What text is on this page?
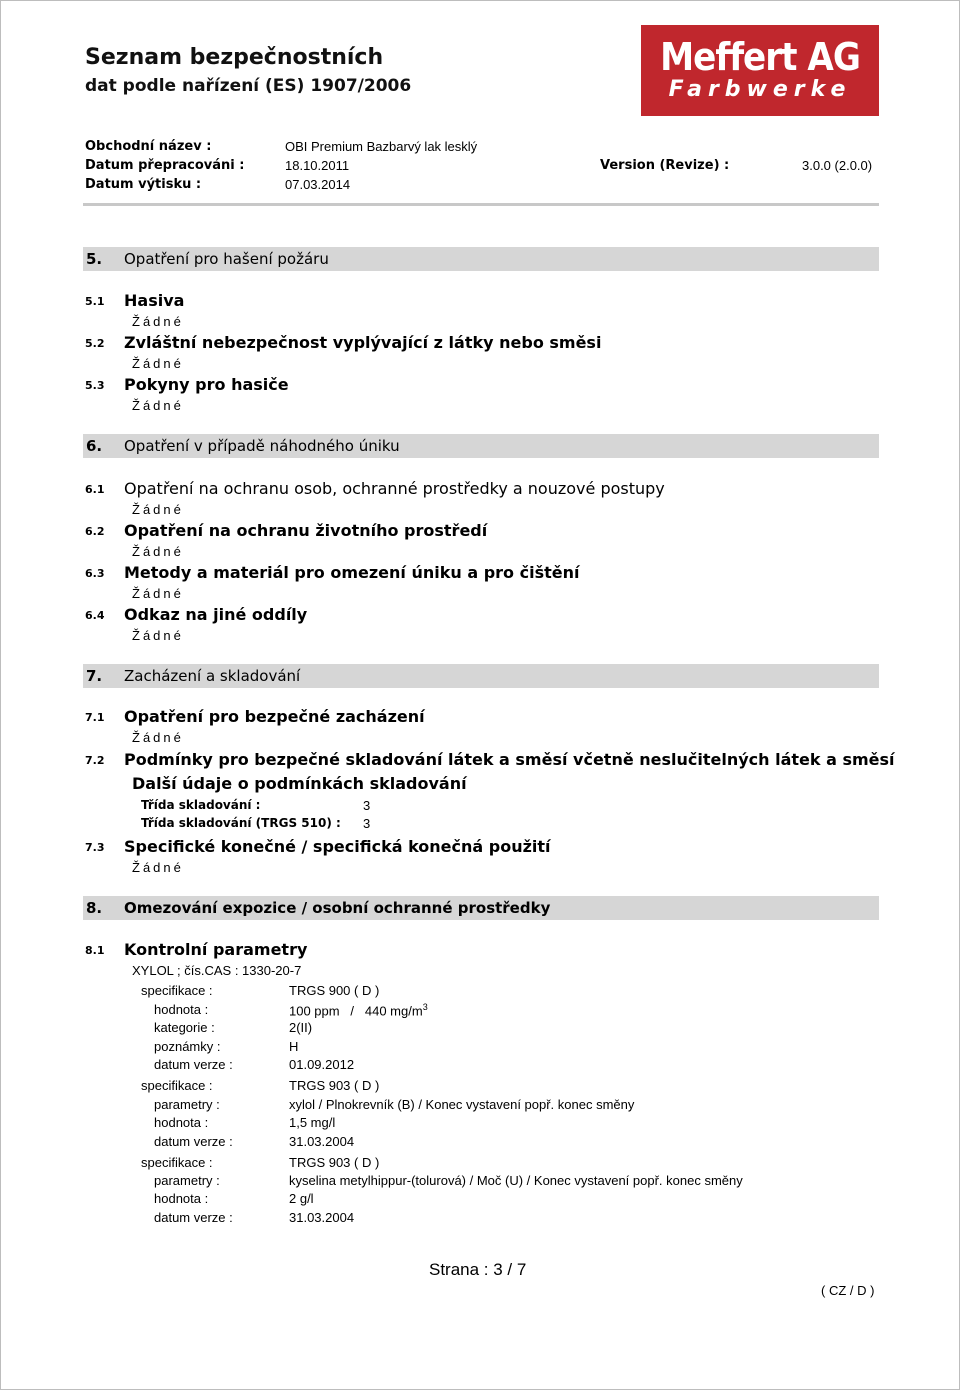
Seznam bezpečnostních
dat podle nařízení (ES) 1907/2006
Meffert AG
Farbwerke
Obchodní název :	OBI Premium Bazbarvý lak lesklý
Datum přepracováni :	18.10.2011	Version (Revize) :	3.0.0 (2.0.0)
Datum výtisku :	07.03.2014
5. Opatření pro hašení požáru
5.1 Hasiva
Žádné
5.2 Zvláštní nebezpečnost vyplývající z látky nebo směsi
Žádné
5.3 Pokyny pro hasiče
Žádné
6. Opatření v případě náhodného úniku
6.1 Opatření na ochranu osob, ochranné prostředky a nouzové postupy
Žádné
6.2 Opatření na ochranu životního prostředí
Žádné
6.3 Metody a materiál pro omezení úniku a pro čištění
Žádné
6.4 Odkaz na jiné oddíly
Žádné
7. Zacházení a skladování
7.1 Opatření pro bezpečné zacházení
Žádné
7.2 Podmínky pro bezpečné skladování látek a směsí včetně neslučitelných látek a směsí
Další údaje o podmínkách skladování
Třída skladování :	3
Třída skladování (TRGS 510) : 3
7.3 Specifické konečné / specifická konečná použití
Žádné
8. Omezování expozice / osobní ochranné prostředky
8.1 Kontrolní parametry
XYLOL ; čís.CAS : 1330-20-7
specifikace :	TRGS 900 ( D )
hodnota :	100 ppm   /   440 $mg/m^3$
kategorie :	2(II)
poznámky :	H
datum verze :	01.09.2012
specifikace :	TRGS 903 ( D )
parametry :	xylol / Plnokrevník (B) / Konec vystavení popř. konec směny
hodnota :	1,5 mg/l
datum verze :	31.03.2004
specifikace :	TRGS 903 ( D )
parametry :	kyselina metylhippur-(tolurová) / Moč (U) / Konec vystavení popř. konec směny
hodnota :	2 g/l
datum verze :	31.03.2004
Strana : 3 / 7
( CZ / D )
